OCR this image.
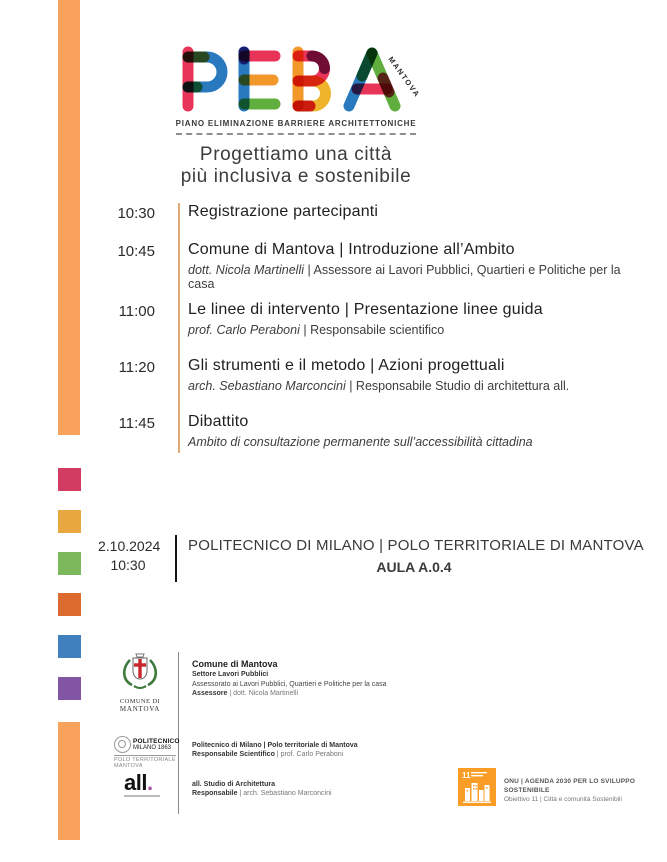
MANTOVA
PIANO ELIMINAZIONE BARRIERE ARCHITETTONICHE
Progettiamo una città
più inclusiva e sostenibile
10:30 Registrazione partecipanti
10:45 Comune di Mantova | Introduzione all’Ambito
dott. Nicola Martinelli | Assessore ai Lavori Pubblici, Quartieri e Politiche per la casa
11:00 Le linee di intervento | Presentazione linee guida
prof. Carlo Peraboni | Responsabile scientifico
11:20 Gli strumenti e il metodo | Azioni progettuali
arch. Sebastiano Marconcini | Responsabile Studio di architettura all.
11:45 Dibattito
Ambito di consultazione permanente sull’accessibilità cittadina
2.10.2024
10:30
POLITECNICO DI MILANO | POLO TERRITORIALE DI MANTOVA
AULA A.0.4
COMUNE DI
MANTOVA
Comune di Mantova
Settore Lavori Pubblici
Assessorato ai Lavori Pubblici, Quartieri e Politiche per la casa
Assessore | dott. Nicola Martinelli
POLITECNICO
MILANO 1863
POLO TERRITORIALE
MANTOVA
Politecnico di Milano | Polo territoriale di Mantova
Responsabile Scientifico | prof. Carlo Peraboni
all.	all. Studio di Architettura
Responsabile | arch. Sebastiano Marconcini
11
ONU | AGENDA 2030 PER LO SVILUPPO SOSTENIBILE
Obiettivo 11 | Città e comunità Sostenibili
